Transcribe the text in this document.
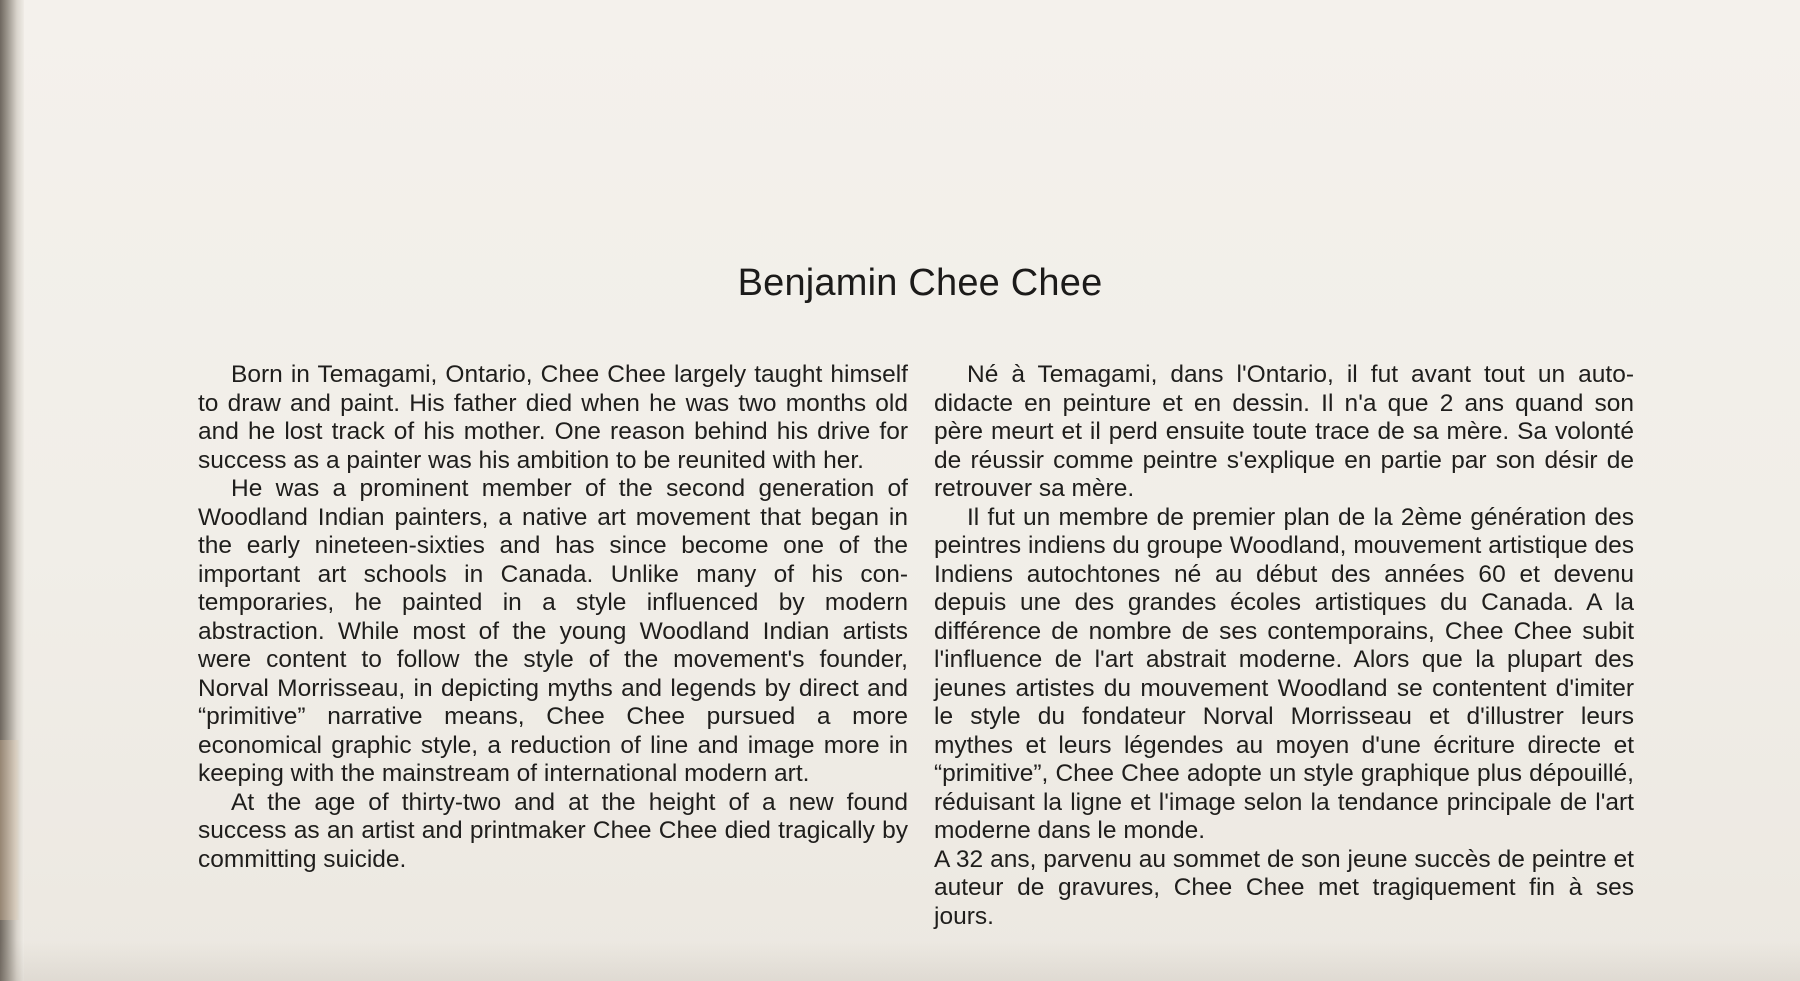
Benjamin Chee Chee

Born in Temagami, Ontario, Chee Chee largely taught himself to draw and paint. His father died when he was two months old and he lost track of his mother. One reason behind his drive for success as a painter was his ambition to be reunited with her.

He was a prominent member of the second generation of Woodland Indian painters, a native art movement that began in the early nineteen-sixties and has since become one of the important art schools in Canada. Unlike many of his con- temporaries, he painted in a style influenced by modern abstraction. While most of the young Woodland Indian artists were content to follow the style of the movement's founder, Norval Morrisseau, in depicting myths and legends by direct and “primitive” narrative means, Chee Chee pursued a more economical graphic style, a reduction of line and image more in keeping with the mainstream of international modern art.

At the age of thirty-two and at the height of a new found success as an artist and printmaker Chee Chee died tragically by committing suicide.

Né à Temagami, dans l'Ontario, il fut avant tout un auto- didacte en peinture et en dessin. Il n'a que 2 ans quand son père meurt et il perd ensuite toute trace de sa mère. Sa volonté de réussir comme peintre s'explique en partie par son désir de retrouver sa mère.

Il fut un membre de premier plan de la 2ème génération des peintres indiens du groupe Woodland, mouvement artistique des Indiens autochtones né au début des années 60 et devenu depuis une des grandes écoles artistiques du Canada. A la différence de nombre de ses contemporains, Chee Chee subit l'influence de l'art abstrait moderne. Alors que la plupart des jeunes artistes du mouvement Woodland se contentent d'imiter le style du fondateur Norval Morrisseau et d'illustrer leurs mythes et leurs légendes au moyen d'une écriture directe et “primitive”, Chee Chee adopte un style graphique plus dépouillé, réduisant la ligne et l'image selon la tendance principale de l'art moderne dans le monde.

A 32 ans, parvenu au sommet de son jeune succès de peintre et auteur de gravures, Chee Chee met tragiquement fin à ses jours.
